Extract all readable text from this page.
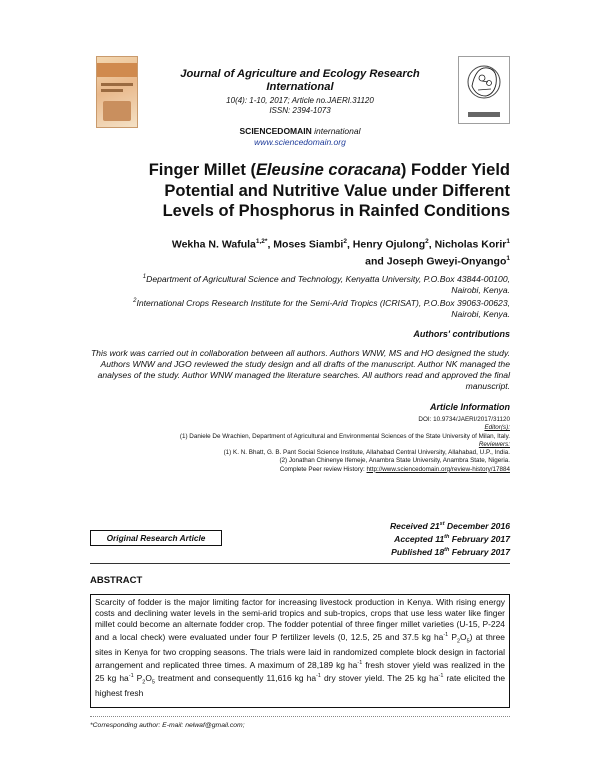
Journal of Agriculture and Ecology Research International
10(4): 1-10, 2017; Article no.JAERI.31120
ISSN: 2394-1073
SCIENCEDOMAIN international
www.sciencedomain.org
Finger Millet (Eleusine coracana) Fodder Yield Potential and Nutritive Value under Different Levels of Phosphorus in Rainfed Conditions
Wekha N. Wafula$^{1,2*}$, Moses Siambi$^2$, Henry Ojulong$^2$, Nicholas Korir$^1$
and Joseph Gweyi-Onyango$^1$
$^1$Department of Agricultural Science and Technology, Kenyatta University, P.O.Box 43844-00100,
Nairobi, Kenya.
$^2$International Crops Research Institute for the Semi-Arid Tropics (ICRISAT), P.O.Box 39063-00623,
Nairobi, Kenya.
Authors' contributions
This work was carried out in collaboration between all authors. Authors WNW, MS and HO designed the study. Authors WNW and JGO reviewed the study design and all drafts of the manuscript. Author NK managed the analyses of the study. Author WNW managed the literature searches. All authors read and approved the final manuscript.
Article Information
DOI: 10.9734/JAERI/2017/31120
Editor(s):
(1) Daniele De Wrachien, Department of Agricultural and Environmental Sciences of the State University of Milan, Italy.
Reviewers:
(1) K. N. Bhatt, G. B. Pant Social Science Institute, Allahabad Central University, Allahabad, U.P., India.
(2) Jonathan Chinenye Ifemeje, Anambra State University, Anambra State, Nigeria.
Complete Peer review History: http://www.sciencedomain.org/review-history/17884
Received 21st December 2016
Accepted 11th February 2017
Published 18th February 2017
Original Research Article
ABSTRACT
Scarcity of fodder is the major limiting factor for increasing livestock production in Kenya. With rising energy costs and declining water levels in the semi-arid tropics and sub-tropics, crops that use less water like finger millet could become an alternate fodder crop. The fodder potential of three finger millet varieties (U-15, P-224 and a local check) were evaluated under four P fertilizer levels (0, 12.5, 25 and 37.5 kg $ha^{-1}$ $P_2O_5$) at three sites in Kenya for two cropping seasons. The trials were laid in randomized complete block design in factorial arrangement and replicated three times. A maximum of 28,189 kg $ha^{-1}$ fresh stover yield was realized in the 25 kg $ha^{-1}$ $P_2O_5$ treatment and consequently 11,616 kg $ha^{-1}$ dry stover yield. The 25 kg $ha^{-1}$ rate elicited the highest fresh
*Corresponding author: E-mail: nelwaf@gmail.com;
